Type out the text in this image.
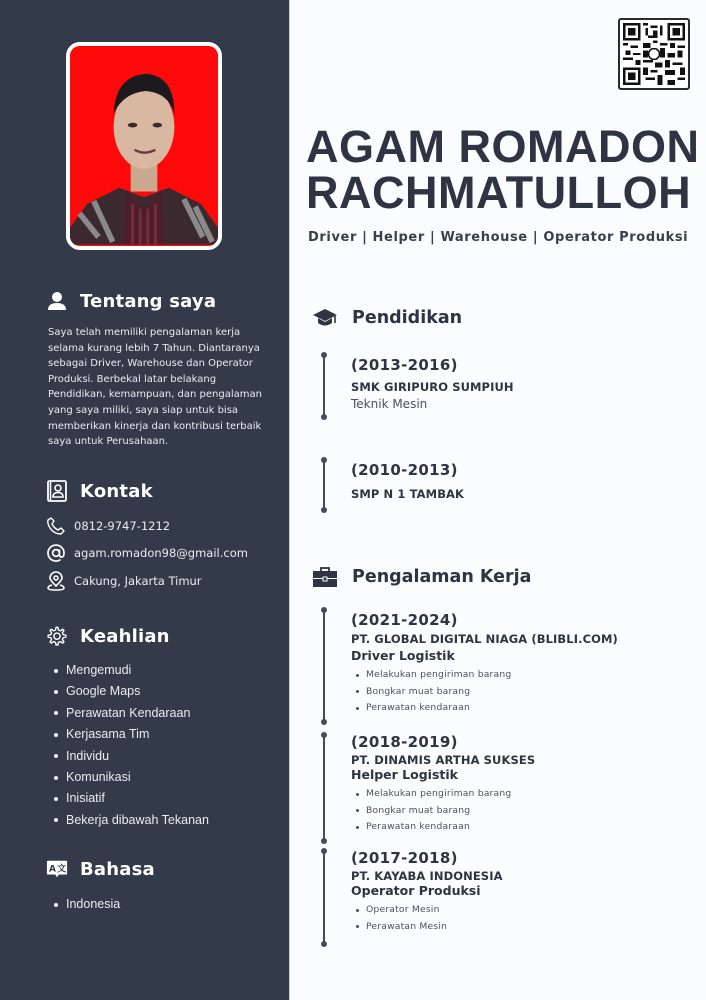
Tentang saya

Saya telah memiliki pengalaman kerja selama kurang lebih 7 Tahun. Diantaranya sebagai Driver, Warehouse dan Operator Produksi. Berbekal latar belakang Pendidikan, kemampuan, dan pengalaman yang saya miliki, saya siap untuk bisa memberikan kinerja dan kontribusi terbaik saya untuk Perusahaan.

Kontak
0812-9747-1212
agam.romadon98@gmail.com
Cakung, Jakarta Timur
Keahlian
Mengemudi
Google Maps
Perawatan Kendaraan
Kerjasama Tim
Individu
Komunikasi
Inisiatif
Bekerja dibawah Tekanan
A 文 Bahasa
Indonesia
AGAM ROMADON
RACHMATULLOH
Driver | Helper | Warehouse | Operator Produksi
Pendidikan
(2013-2016)
SMK GIRIPURO SUMPIUH
Teknik Mesin
(2010-2013)
SMP N 1 TAMBAK
Pengalaman Kerja
(2021-2024)
PT. GLOBAL DIGITAL NIAGA (BLIBLI.COM)
Driver Logistik
Melakukan pengiriman barang
Bongkar muat barang
Perawatan kendaraan
(2018-2019)
PT. DINAMIS ARTHA SUKSES
Helper Logistik
Melakukan pengiriman barang
Bongkar muat barang
Perawatan kendaraan
(2017-2018)
PT. KAYABA INDONESIA
Operator Produksi
Operator Mesin
Perawatan Mesin
